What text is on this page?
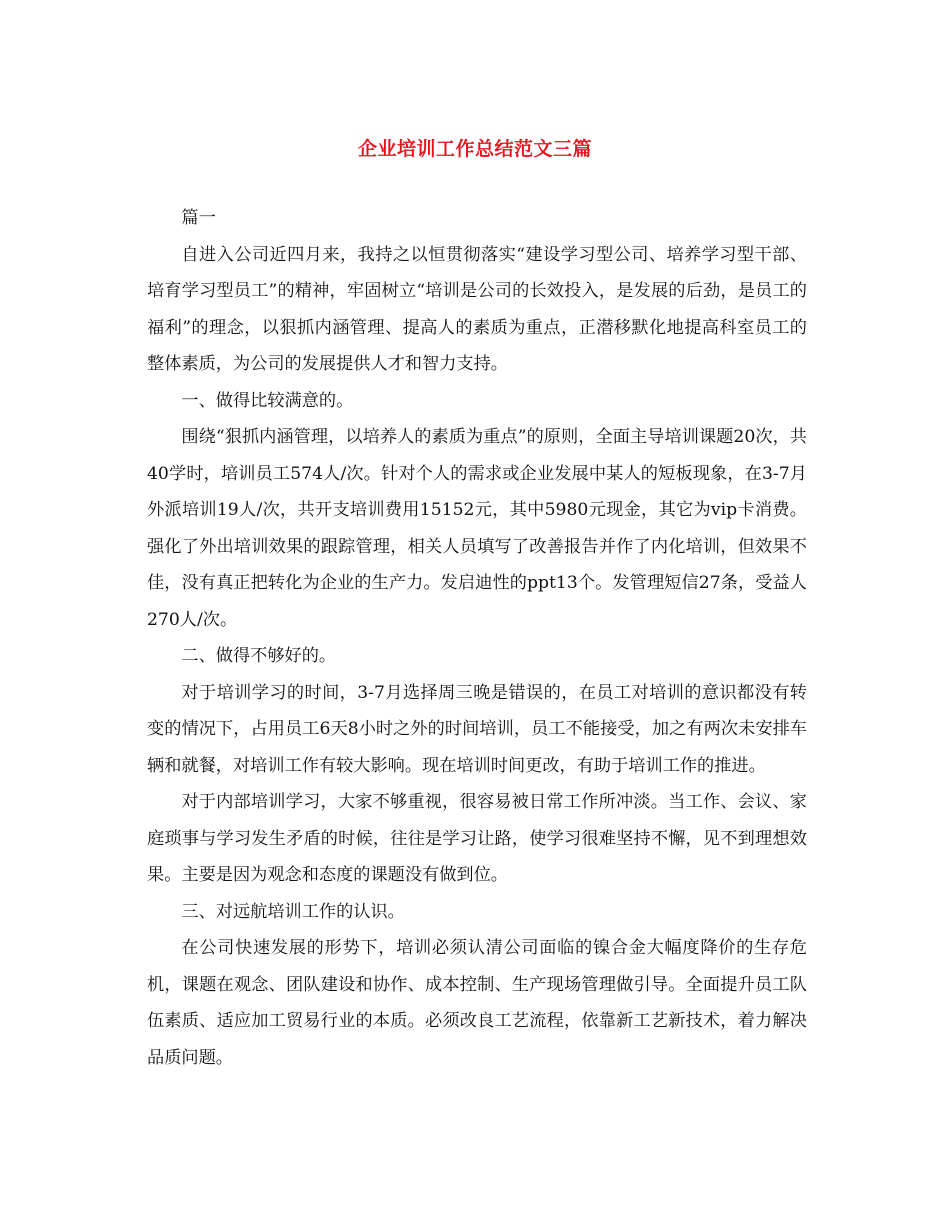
企业培训工作总结范文三篇

篇一

自进入公司近四月来，我持之以恒贯彻落实“建设学习型公司、培养学习型干部、培育学习型员工”的精神，牢固树立“培训是公司的长效投入，是发展的后劲，是员工的福利”的理念，以狠抓内涵管理、提高人的素质为重点，正潜移默化地提高科室员工的整体素质，为公司的发展提供人才和智力支持。

一、做得比较满意的。

围绕“狠抓内涵管理，以培养人的素质为重点”的原则，全面主导培训课题20次，共40学时，培训员工574人/次。针对个人的需求或企业发展中某人的短板现象，在3-7月外派培训19人/次，共开支培训费用15152元，其中5980元现金，其它为vip卡消费。强化了外出培训效果的跟踪管理，相关人员填写了改善报告并作了内化培训，但效果不佳，没有真正把转化为企业的生产力。发启迪性的ppt13个。发管理短信27条，受益人270人/次。

二、做得不够好的。

对于培训学习的时间，3-7月选择周三晚是错误的，在员工对培训的意识都没有转变的情况下，占用员工6天8小时之外的时间培训，员工不能接受，加之有两次未安排车辆和就餐，对培训工作有较大影响。现在培训时间更改，有助于培训工作的推进。

对于内部培训学习，大家不够重视，很容易被日常工作所冲淡。当工作、会议、家庭琐事与学习发生矛盾的时候，往往是学习让路，使学习很难坚持不懈，见不到理想效果。主要是因为观念和态度的课题没有做到位。

三、对远航培训工作的认识。

在公司快速发展的形势下，培训必须认清公司面临的镍合金大幅度降价的生存危机，课题在观念、团队建设和协作、成本控制、生产现场管理做引导。全面提升员工队伍素质、适应加工贸易行业的本质。必须改良工艺流程，依靠新工艺新技术，着力解决品质问题。
